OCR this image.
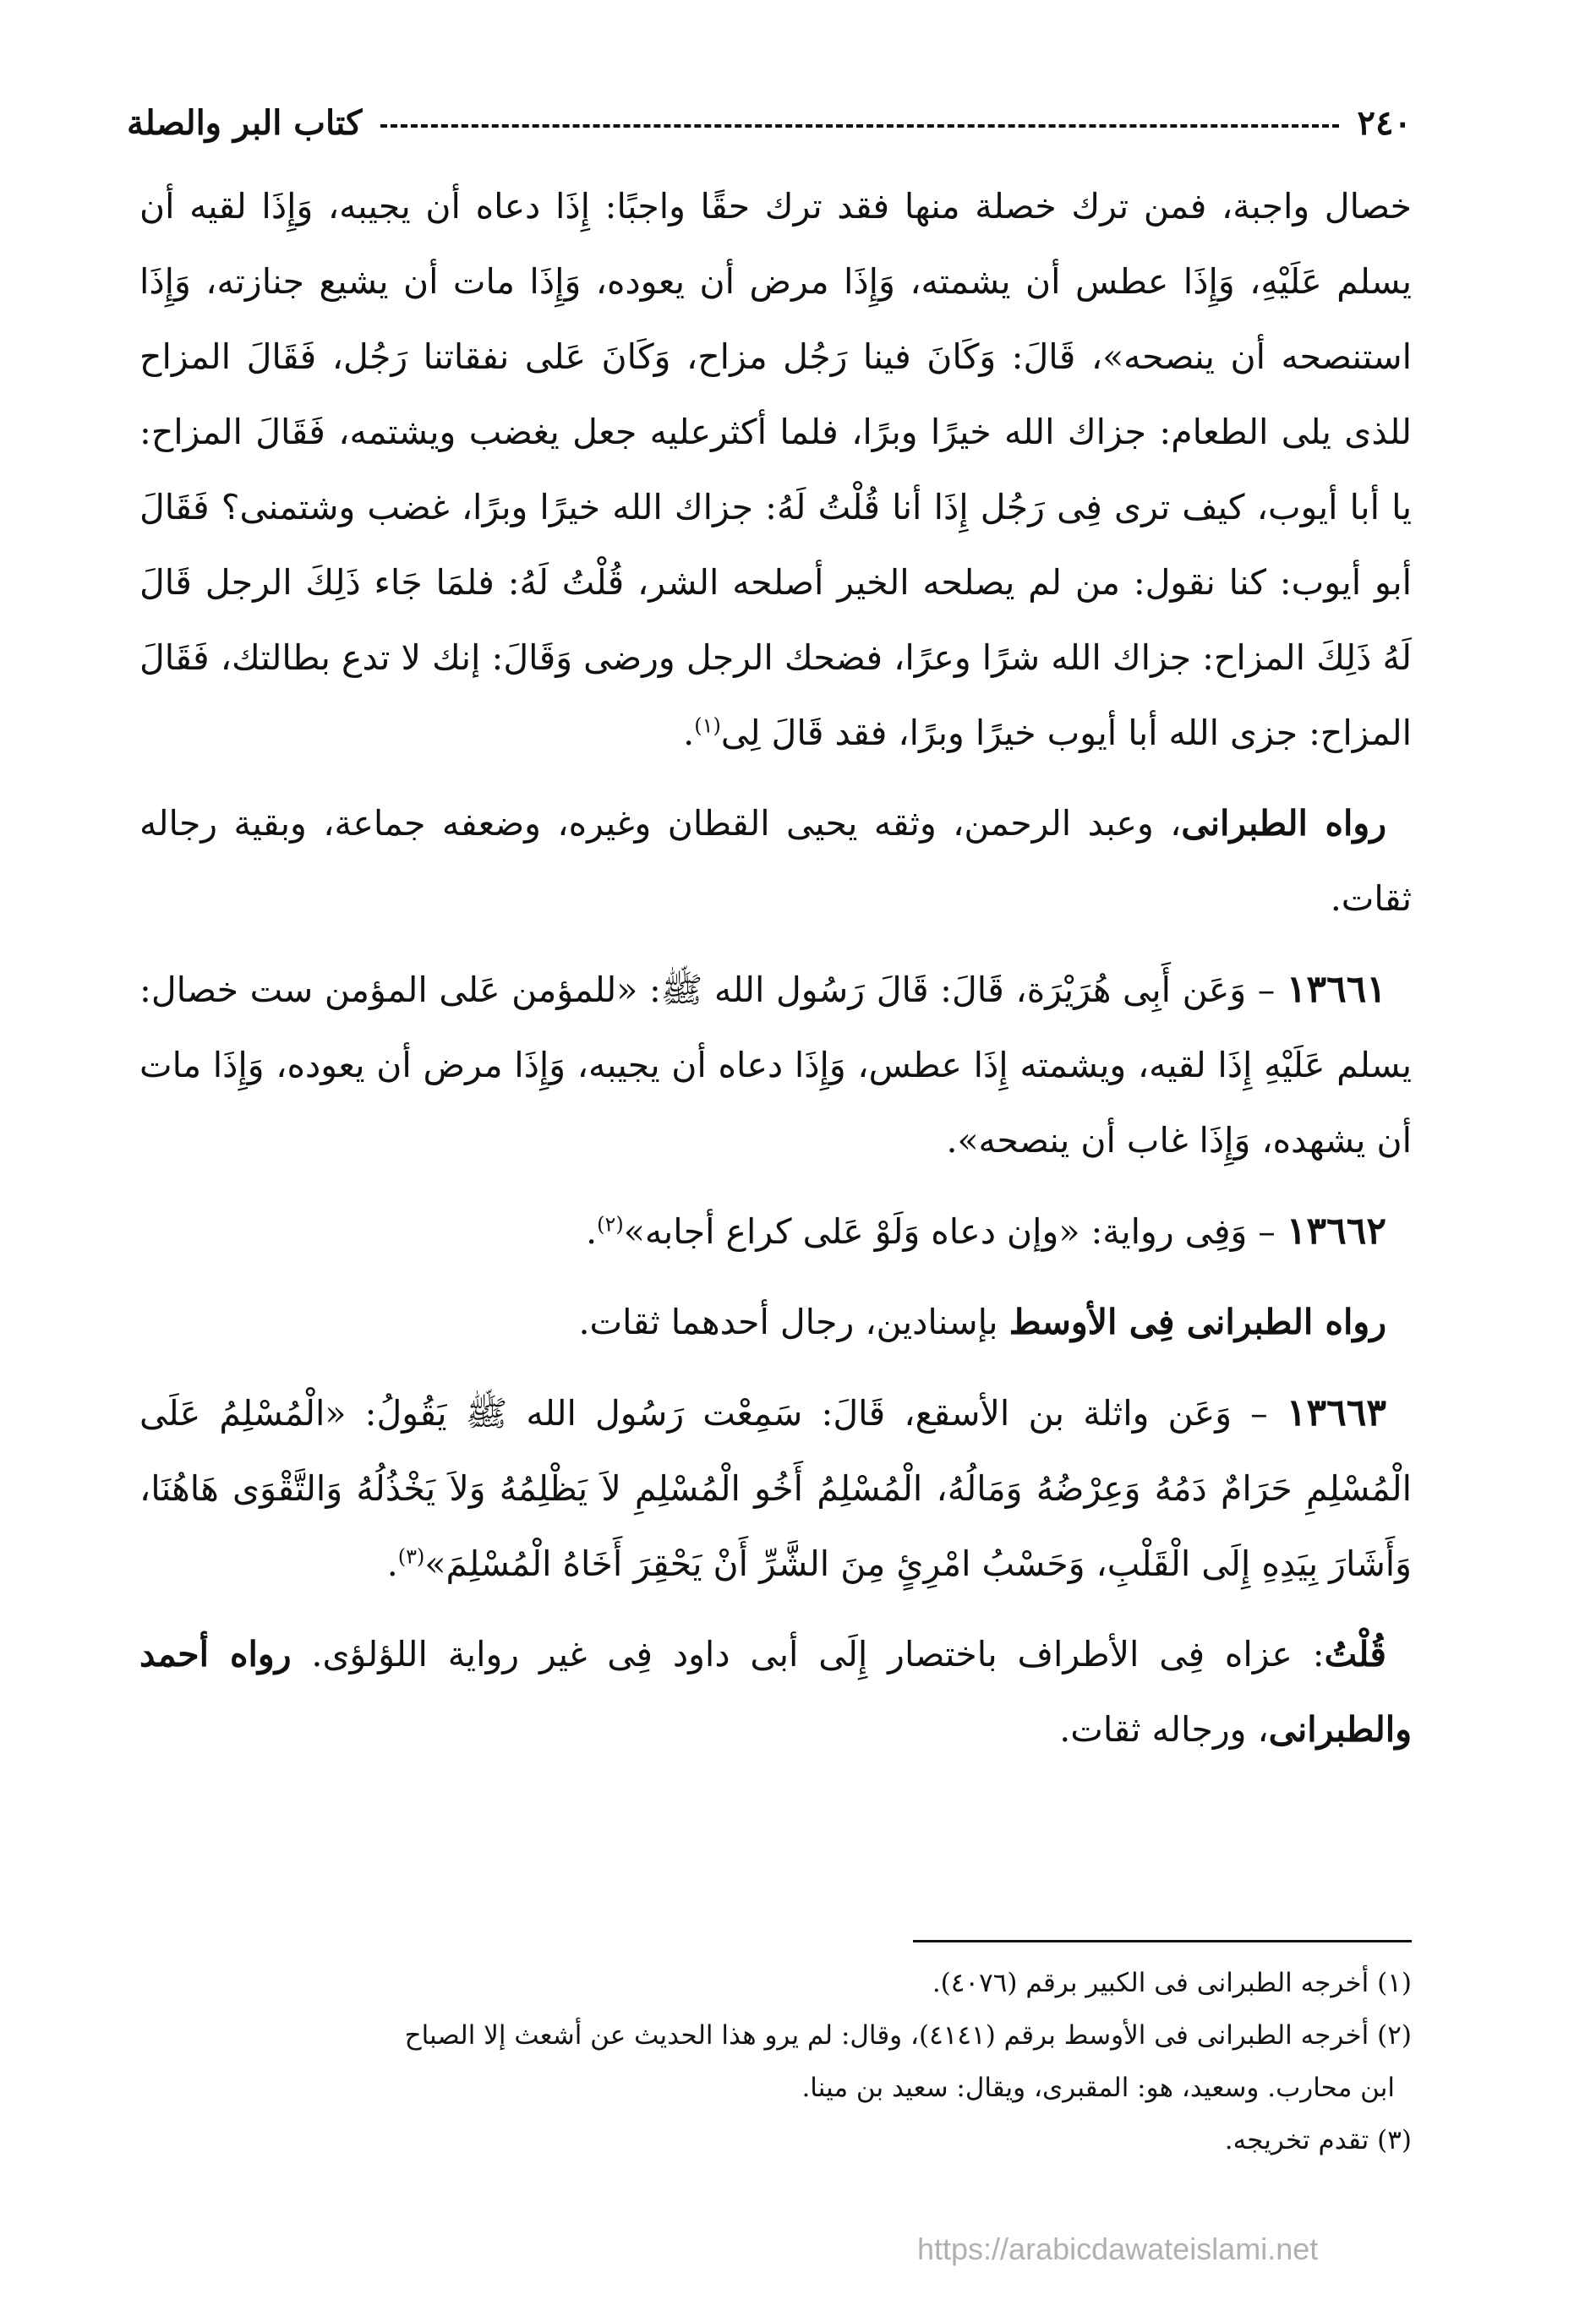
٢٤٠
كتاب البر والصلة

خصال واجبة، فمن ترك خصلة منها فقد ترك حقًا واجبًا: إِذَا دعاه أن يجيبه، وَإِذَا لقيه أن يسلم عَلَيْهِ، وَإِذَا عطس أن يشمته، وَإِذَا مرض أن يعوده، وَإِذَا مات أن يشيع جنازته، وَإِذَا استنصحه أن ينصحه»، قَالَ: وَكَانَ فينا رَجُل مزاح، وَكَانَ عَلى نفقاتنا رَجُل، فَقَالَ المزاح للذى يلى الطعام: جزاك الله خيرًا وبرًا، فلما أكثرعليه جعل يغضب ويشتمه، فَقَالَ المزاح: يا أبا أيوب، كيف ترى فِى رَجُل إِذَا أنا قُلْتُ لَهُ: جزاك الله خيرًا وبرًا، غضب وشتمنى؟ فَقَالَ أبو أيوب: كنا نقول: من لم يصلحه الخير أصلحه الشر، قُلْتُ لَهُ: فلمَا جَاء ذَلِكَ الرجل قَالَ لَهُ ذَلِكَ المزاح: جزاك الله شرًا وعرًا، فضحك الرجل ورضى وَقَالَ: إنك لا تدع بطالتك، فَقَالَ المزاح: جزى الله أبا أيوب خيرًا وبرًا، فقد قَالَ لِى$^{(١)}$.

رواه الطبرانى، وعبد الرحمن، وثقه يحيى القطان وغيره، وضعفه جماعة، وبقية رجاله ثقات.

١٣٦٦١ – وَعَن أَبِى هُرَيْرَة، قَالَ: قَالَ رَسُول الله ﷺ: «للمؤمن عَلى المؤمن ست خصال: يسلم عَلَيْهِ إِذَا لقيه، ويشمته إِذَا عطس، وَإِذَا دعاه أن يجيبه، وَإِذَا مرض أن يعوده، وَإِذَا مات أن يشهده، وَإِذَا غاب أن ينصحه».

١٣٦٦٢ – وَفِى رواية: «وإن دعاه وَلَوْ عَلى كراع أجابه»$^{(٢)}$.

رواه الطبرانى فِى الأوسط بإسنادين، رجال أحدهما ثقات.

١٣٦٦٣ – وَعَن واثلة بن الأسقع، قَالَ: سَمِعْت رَسُول الله ﷺ يَقُولُ: «الْمُسْلِمُ عَلَى الْمُسْلِمِ حَرَامٌ دَمُهُ وَعِرْضُهُ وَمَالُهُ، الْمُسْلِمُ أَخُو الْمُسْلِمِ لاَ يَظْلِمُهُ وَلاَ يَخْذُلُهُ وَالتَّقْوَى هَاهُنَا، وَأَشَارَ بِيَدِهِ إِلَى الْقَلْبِ، وَحَسْبُ امْرِئٍ مِنَ الشَّرِّ أَنْ يَحْقِرَ أَخَاهُ الْمُسْلِمَ»$^{(٣)}$.

قُلْتُ: عزاه فِى الأطراف باختصار إِلَى أبى داود فِى غير رواية اللؤلؤى. رواه أحمد والطبرانى، ورجاله ثقات.

(١) أخرجه الطبرانى فى الكبير برقم (٤٠٧٦).

(٢) أخرجه الطبرانى فى الأوسط برقم (٤١٤١)، وقال: لم يرو هذا الحديث عن أشعث إلا الصباح

ابن محارب. وسعيد، هو: المقبرى، ويقال: سعيد بن مينا.

(٣) تقدم تخريجه.

https://arabicdawateislami.net
